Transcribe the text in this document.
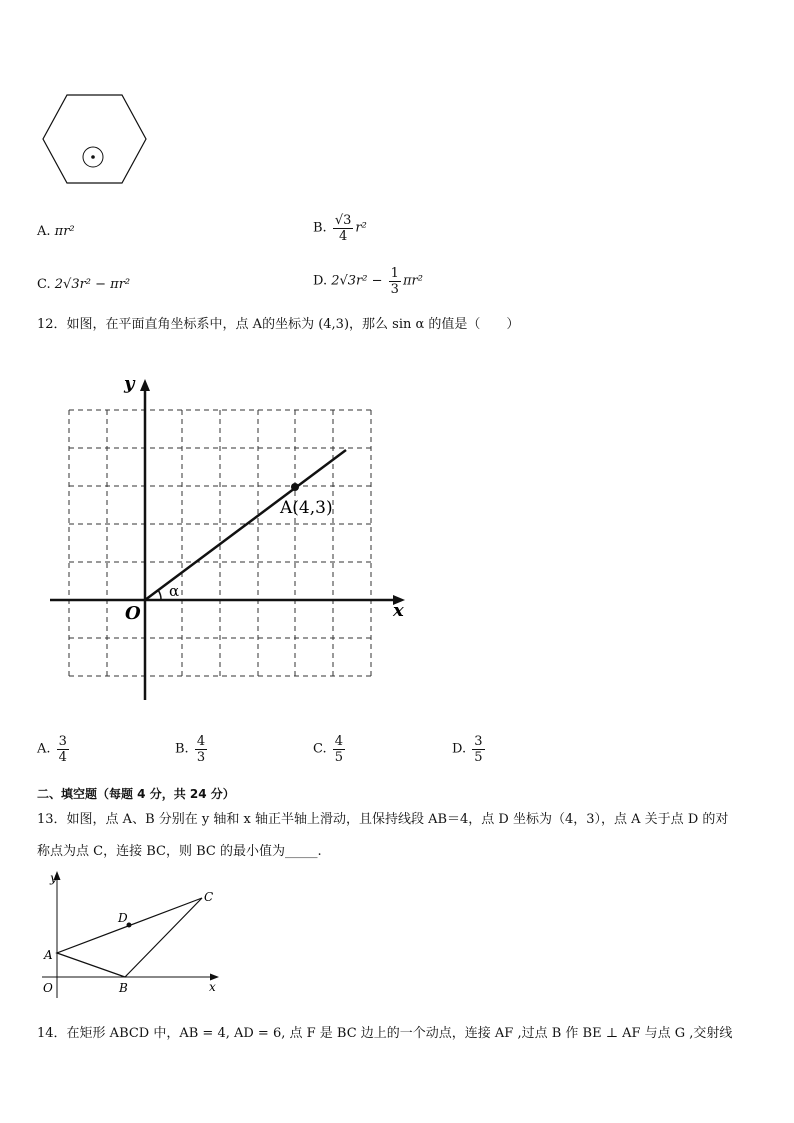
A. πr²	B. $\frac{√3}{4} r^2$
C. 2√3r² − πr²	D. $2√3r^2 - \frac{1}{3} \pi r^2$
12．如图，在平面直角坐标系中，点 A的坐标为 (4,3)，那么 sin α 的值是（　　）
x
y
O
α
A(4,3)
A. $\frac{3}{4}$	B. $\frac{4}{3}$	C. $\frac{4}{5}$	D. $\frac{3}{5}$
二、填空题（每题 4 分，共 24 分）
13．如图，点 A、B 分别在 y 轴和 x 轴正半轴上滑动，且保持线段 AB＝4，点 D 坐标为（4，3），点 A 关于点 D 的对
称点为点 C，连接 BC，则 BC 的最小值为_____.
y
x
O
A
B
C
D
14．在矩形 ABCD 中，AB = 4, AD = 6, 点 F 是 BC 边上的一个动点，连接 AF ,过点 B 作 BE ⊥ AF 与点 G ,交射线
